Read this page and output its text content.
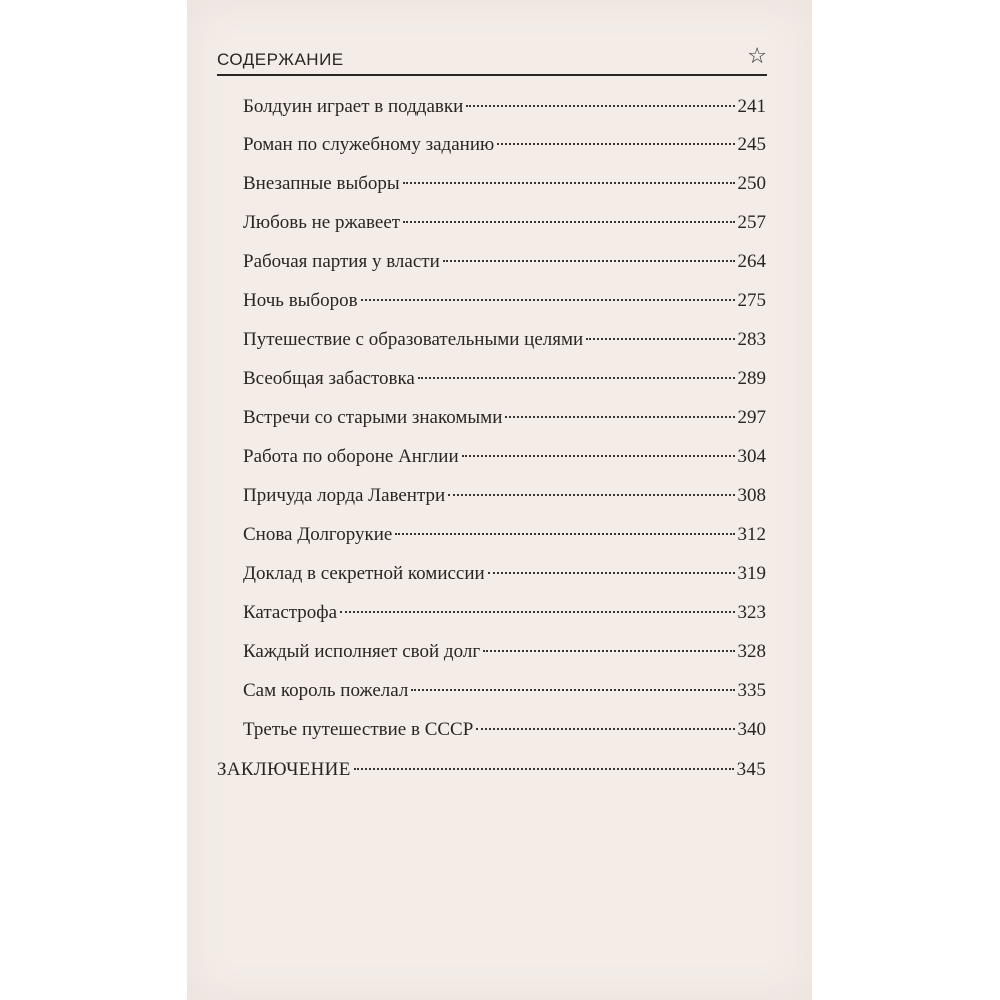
СОДЕРЖАНИЕ	☆
Болдуин играет в поддавки	241
Роман по служебному заданию	245
Внезапные выборы	250
Любовь не ржавеет	257
Рабочая партия у власти	264
Ночь выборов	275
Путешествие с образовательными целями	283
Всеобщая забастовка	289
Встречи со старыми знакомыми	297
Работа по обороне Англии	304
Причуда лорда Лавентри	308
Снова Долгорукие	312
Доклад в секретной комиссии	319
Катастрофа	323
Каждый исполняет свой долг	328
Сам король пожелал	335
Третье путешествие в СССР	340
ЗАКЛЮЧЕНИЕ	345
